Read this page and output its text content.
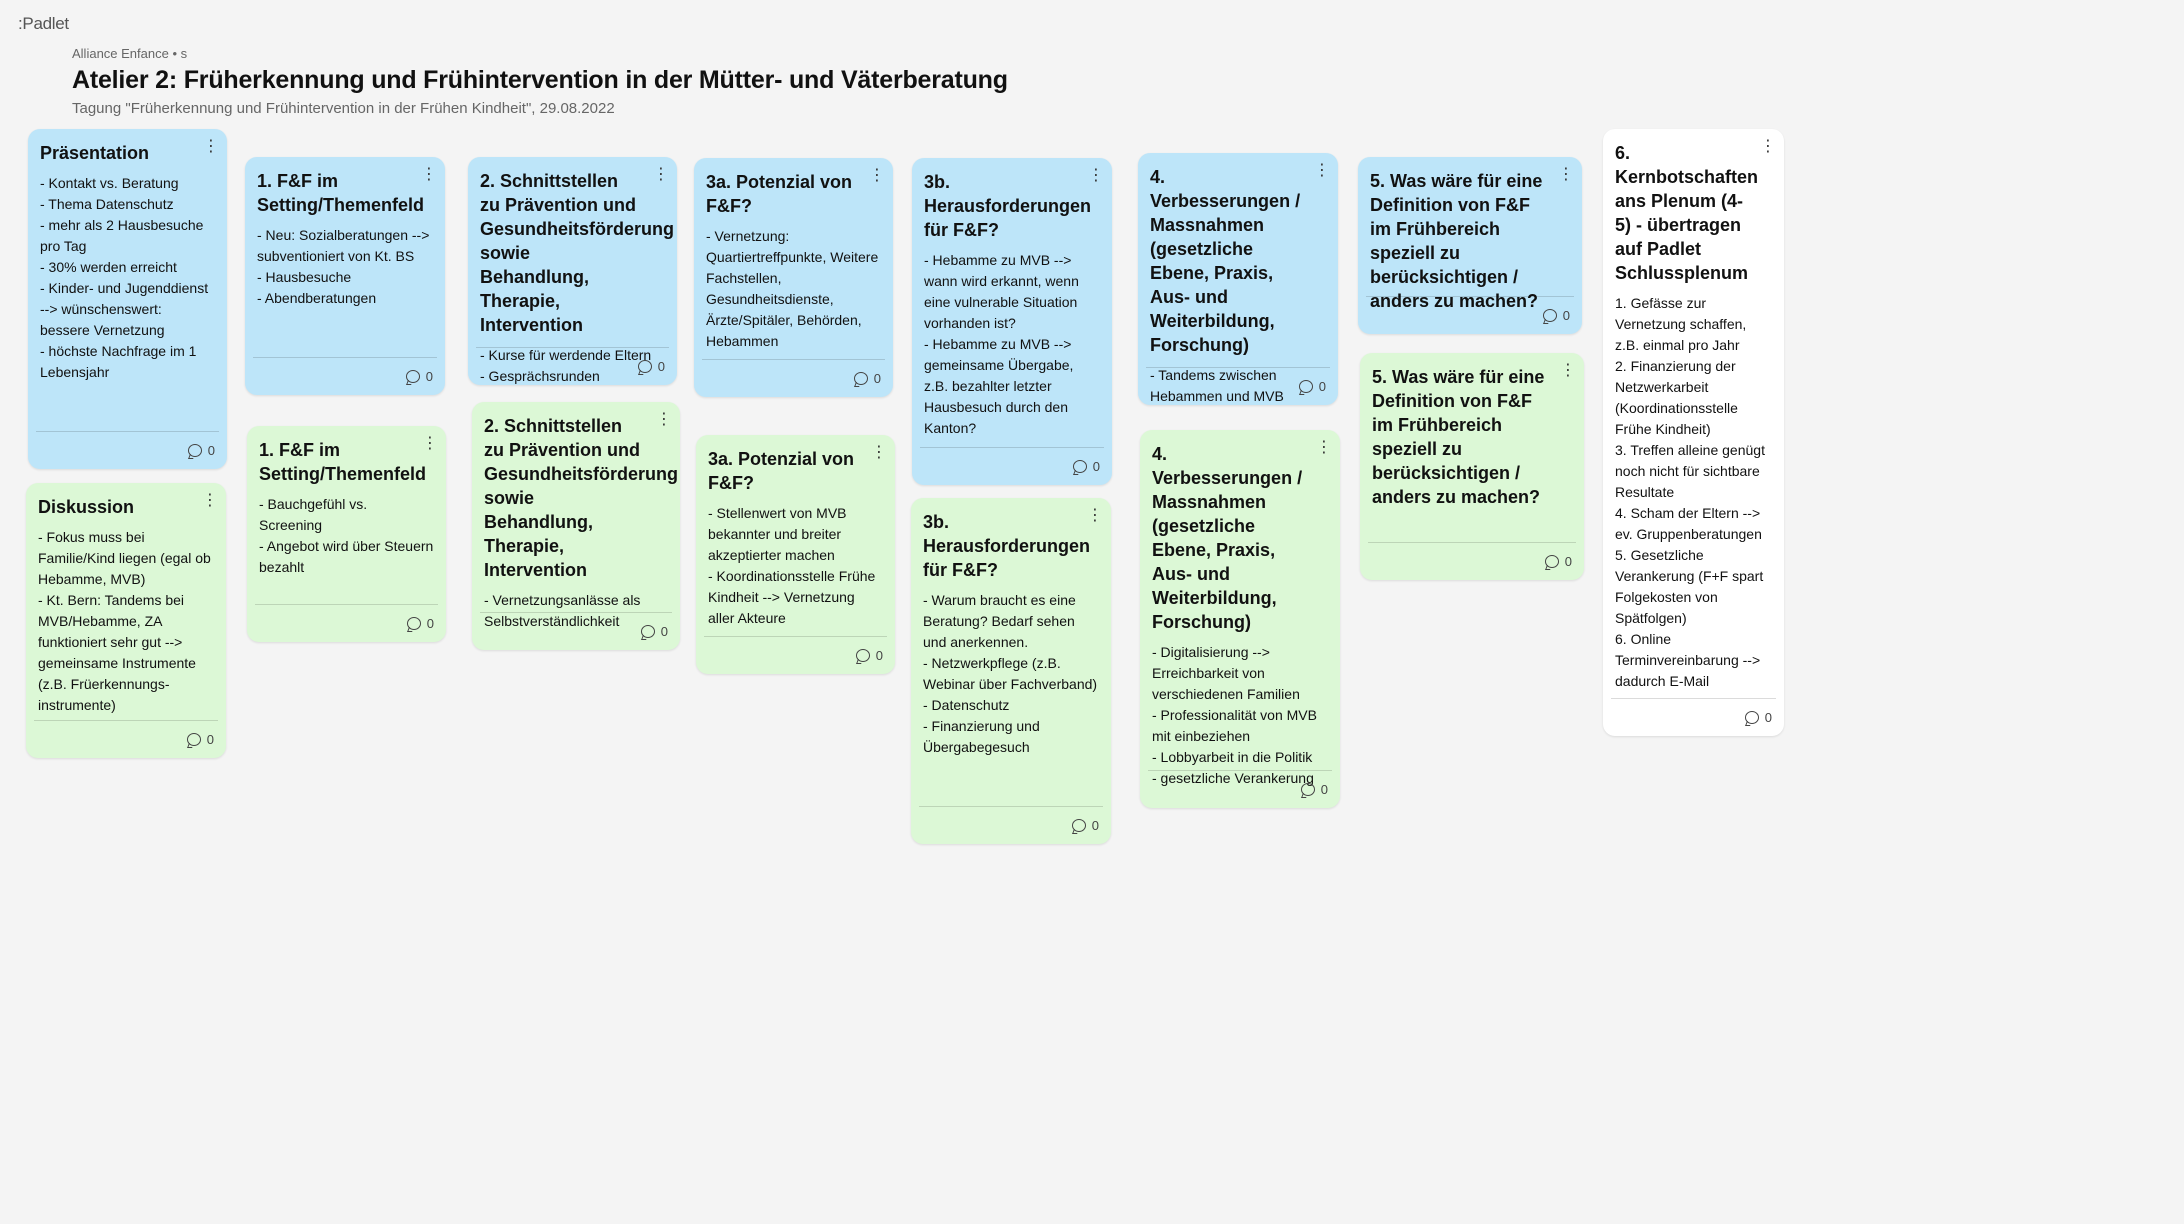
:Padlet
Alliance Enfance • s
Atelier 2: Früherkennung und Frühintervention in der Mütter- und Väterberatung
Tagung "Früherkennung und Frühintervention in der Frühen Kindheit", 29.08.2022
⋮
Präsentation
- Kontakt vs. Beratung
- Thema Datenschutz
- mehr als 2 Hausbesuche pro Tag
- 30% werden erreicht
- Kinder- und Jugenddienst --> wünschenswert: bessere Vernetzung
- höchste Nachfrage im 1 Lebensjahr
0
⋮
Diskussion
- Fokus muss bei Familie/Kind liegen (egal ob Hebamme, MVB)
- Kt. Bern: Tandems bei MVB/Hebamme, ZA funktioniert sehr gut --> gemeinsame Instrumente (z.B. Früerkennungs-instrumente)
0
⋮
1. F&F im Setting/Themenfeld
- Neu: Sozialberatungen --> subventioniert von Kt. BS
- Hausbesuche
- Abendberatungen
0
⋮
1. F&F im Setting/Themenfeld
- Bauchgefühl vs. Screening
- Angebot wird über Steuern bezahlt
0
⋮
2. Schnittstellen zu Prävention und Gesundheitsförderung sowie Behandlung, Therapie, Intervention
- Kurse für werdende Eltern
- Gesprächsrunden
0
⋮
2. Schnittstellen zu Prävention und Gesundheitsförderung sowie Behandlung, Therapie, Intervention
- Vernetzungsanlässe als Selbstverständlichkeit
0
⋮
3a. Potenzial von F&F?
- Vernetzung: Quartiertreffpunkte, Weitere Fachstellen, Gesundheitsdienste, Ärzte/Spitäler, Behörden, Hebammen
0
⋮
3a. Potenzial von F&F?
- Stellenwert von MVB bekannter und breiter akzeptierter machen
- Koordinationsstelle Frühe Kindheit --> Vernetzung aller Akteure
0
⋮
3b. Herausforderungen für F&F?
- Hebamme zu MVB --> wann wird erkannt, wenn eine vulnerable Situation vorhanden ist?
- Hebamme zu MVB --> gemeinsame Übergabe, z.B. bezahlter letzter Hausbesuch durch den Kanton?
0
⋮
3b. Herausforderungen für F&F?
- Warum braucht es eine Beratung? Bedarf sehen und anerkennen.
- Netzwerkpflege (z.B. Webinar über Fachverband)
- Datenschutz
- Finanzierung und Übergabegesuch
0
⋮
4. Verbesserungen / Massnahmen (gesetzliche Ebene, Praxis, Aus- und Weiterbildung, Forschung)
- Tandems zwischen Hebammen und MVB
0
⋮
4. Verbesserungen / Massnahmen (gesetzliche Ebene, Praxis, Aus- und Weiterbildung, Forschung)
- Digitalisierung --> Erreichbarkeit von verschiedenen Familien
- Professionalität von MVB mit einbeziehen
- Lobbyarbeit in die Politik
- gesetzliche Verankerung
0
⋮
5. Was wäre für eine Definition von F&F im Frühbereich speziell zu berücksichtigen / anders zu machen?
0
⋮
5. Was wäre für eine Definition von F&F im Frühbereich speziell zu berücksichtigen / anders zu machen?
0
⋮
6. Kernbotschaften ans Plenum (4-5) - übertragen auf Padlet Schlussplenum
1. Gefässe zur Vernetzung schaffen, z.B. einmal pro Jahr
2. Finanzierung der Netzwerkarbeit (Koordinationsstelle Frühe Kindheit)
3. Treffen alleine genügt noch nicht für sichtbare Resultate
4. Scham der Eltern --> ev. Gruppenberatungen
5. Gesetzliche Verankerung (F+F spart Folgekosten von Spätfolgen)
6. Online Terminvereinbarung --> dadurch E-Mail
0
